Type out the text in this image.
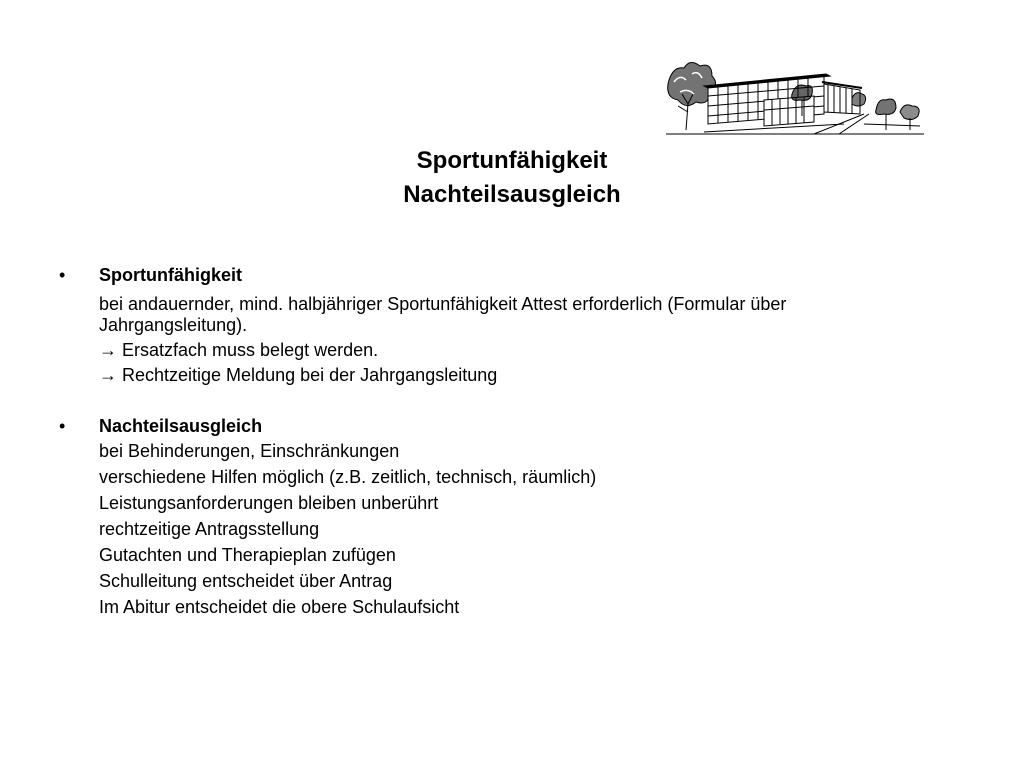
Sportunfähigkeit
Nachteilsausgleich
• Sportunfähigkeit
bei andauernder, mind. halbjähriger Sportunfähigkeit Attest erforderlich (Formular über
Jahrgangsleitung).
→ Ersatzfach muss belegt werden.
→ Rechtzeitige Meldung bei der Jahrgangsleitung
• Nachteilsausgleich
bei Behinderungen, Einschränkungen
verschiedene Hilfen möglich (z.B. zeitlich, technisch, räumlich)
Leistungsanforderungen bleiben unberührt
rechtzeitige Antragsstellung
Gutachten und Therapieplan zufügen
Schulleitung entscheidet über Antrag
Im Abitur entscheidet die obere Schulaufsicht
